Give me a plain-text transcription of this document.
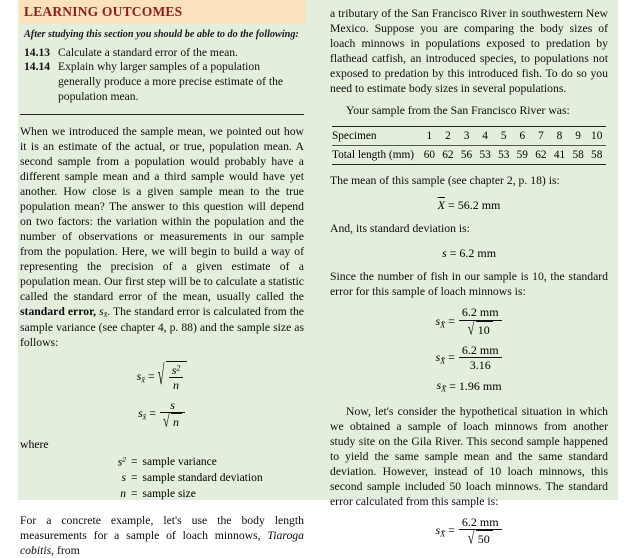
LEARNING OUTCOMES
After studying this section you should be able to do the following:
14.13 Calculate a standard error of the mean.
14.14 Explain why larger samples of a population generally produce a more precise estimate of the population mean.

When we introduced the sample mean, we pointed out how it is an estimate of the actual, or true, population mean. A second sample from a population would probably have a different sample mean and a third sample would have yet another. How close is a given sample mean to the true population mean? The answer to this question will depend on two factors: the variation within the population and the number of observations or measurements in our sample from the population. Here, we will begin to build a way of representing the precision of a given estimate of a population mean. Our first step will be to calculate a statistic called the standard error of the mean, usually called the standard error, $s_{x̄}$. The standard error is calculated from the sample variance (see chapter 4, p. 88) and the sample size as follows:

$s_{x̄}$ = √ $\frac{s^2}{n}$
$s_{x̄} = s$
√ n
where
$s^2$ = sample variance
s = sample standard deviation
n = sample size

For a concrete example, let's use the body length measurements for a sample of loach minnows, Tiaroga cobitis, from

a tributary of the San Francisco River in southwestern New Mexico. Suppose you are comparing the body sizes of loach minnows in populations exposed to predation by flathead catfish, an introduced species, to populations not exposed to predation by this introduced fish. To do so you need to estimate body sizes in several populations.

Your sample from the San Francisco River was:

Specimen	1	2	3	4	5	6	7	8	9	10
Total length (mm)	60	62	56	53	53	59	62	41	58	58

The mean of this sample (see chapter 2, p. 18) is:

$\overline{X} = 56.2$ mm

And, its standard deviation is:

s = 6.2 mm

Since the number of fish in our sample is 10, the standard error for this sample of loach minnows is:

$s_{X̄} = 6.2$ mm
√ 10
$s_{X̄} = \frac{6.2 mm}{3.16}$
$s_{X̄} = 1.96$ mm

Now, let's consider the hypothetical situation in which we obtained a sample of loach minnows from another study site on the Gila River. This second sample happened to yield the same sample mean and the same standard deviation. However, instead of 10 loach minnows, this second sample included 50 loach minnows. The standard error calculated from this sample is:

$s_{X̄} = 6.2$ mm
√ 50
